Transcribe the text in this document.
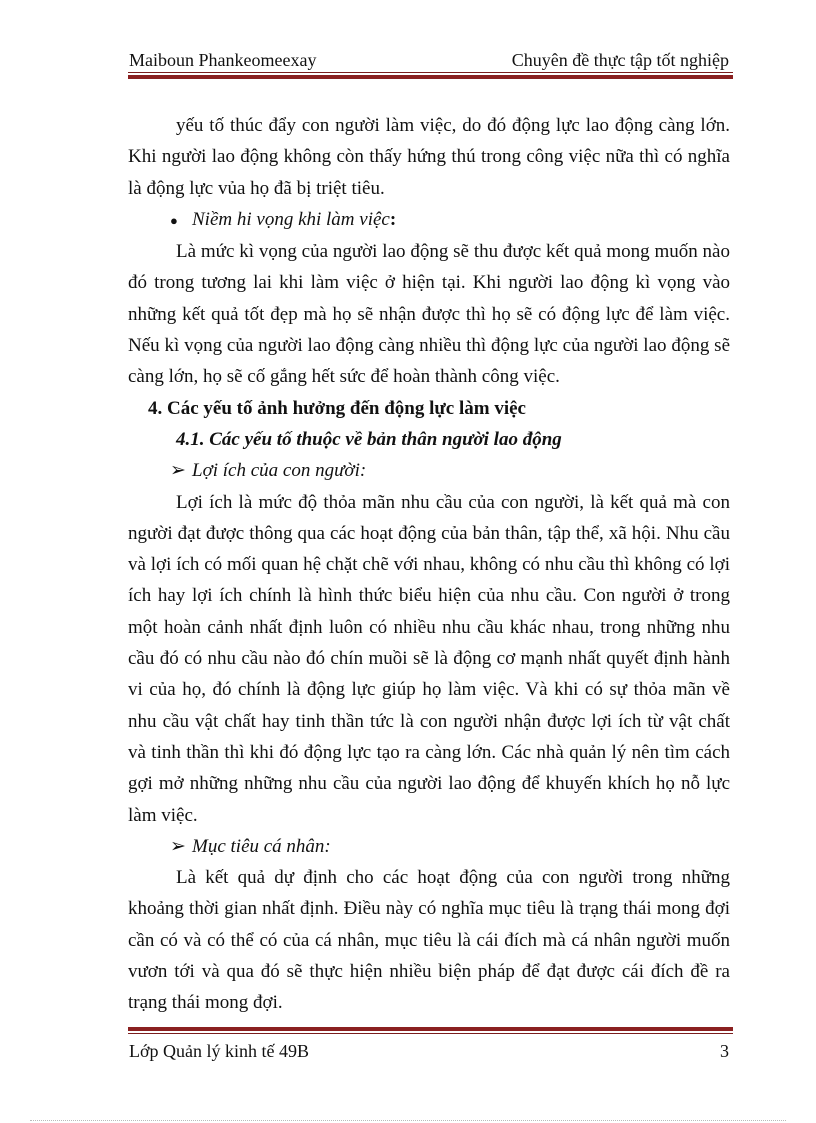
Maiboun Phankeomeexay	Chuyên đề thực tập tốt nghiệp

yếu tố thúc đẩy con người làm việc, do đó động lực lao động càng lớn. Khi người lao động không còn thấy hứng thú trong công việc nữa thì có nghĩa là động lực vủa họ đã bị triệt tiêu.

● Niềm hi vọng khi làm việc:

Là mức kì vọng của người lao động sẽ thu được kết quả mong muốn nào đó trong tương lai khi làm việc ở hiện tại. Khi người lao động kì vọng vào những kết quả tốt đẹp mà họ sẽ nhận được thì họ sẽ có động lực để làm việc. Nếu kì vọng của người lao động càng nhiều thì động lực của người lao động sẽ càng lớn, họ sẽ cố gắng hết sức để hoàn thành công việc.

4. Các yếu tố ảnh hưởng đến động lực làm việc
4.1. Các yếu tố thuộc về bản thân người lao động
➢ Lợi ích của con người:

Lợi ích là mức độ thỏa mãn nhu cầu của con người, là kết quả mà con người đạt được thông qua các hoạt động của bản thân, tập thể, xã hội. Nhu cầu và lợi ích có mối quan hệ chặt chẽ với nhau, không có nhu cầu thì không có lợi ích hay lợi ích chính là hình thức biểu hiện của nhu cầu. Con người ở trong một hoàn cảnh nhất định luôn có nhiều nhu cầu khác nhau, trong những nhu cầu đó có nhu cầu nào đó chín muồi sẽ là động cơ mạnh nhất quyết định hành vi của họ, đó chính là động lực giúp họ làm việc. Và khi có sự thỏa mãn về nhu cầu vật chất hay tinh thần tức là con người nhận được lợi ích từ vật chất và tinh thần thì khi đó động lực tạo ra càng lớn. Các nhà quản lý nên tìm cách gợi mở những những nhu cầu của người lao động để khuyến khích họ nỗ lực làm việc.

➢ Mục tiêu cá nhân:

Là kết quả dự định cho các hoạt động của con người trong những khoảng thời gian nhất định. Điều này có nghĩa mục tiêu là trạng thái mong đợi cần có và có thể có của cá nhân, mục tiêu là cái đích mà cá nhân người muốn vươn tới và qua đó sẽ thực hiện nhiều biện pháp để đạt được cái đích đề ra trạng thái mong đợi.

Lớp Quản lý kinh tế 49B	3
